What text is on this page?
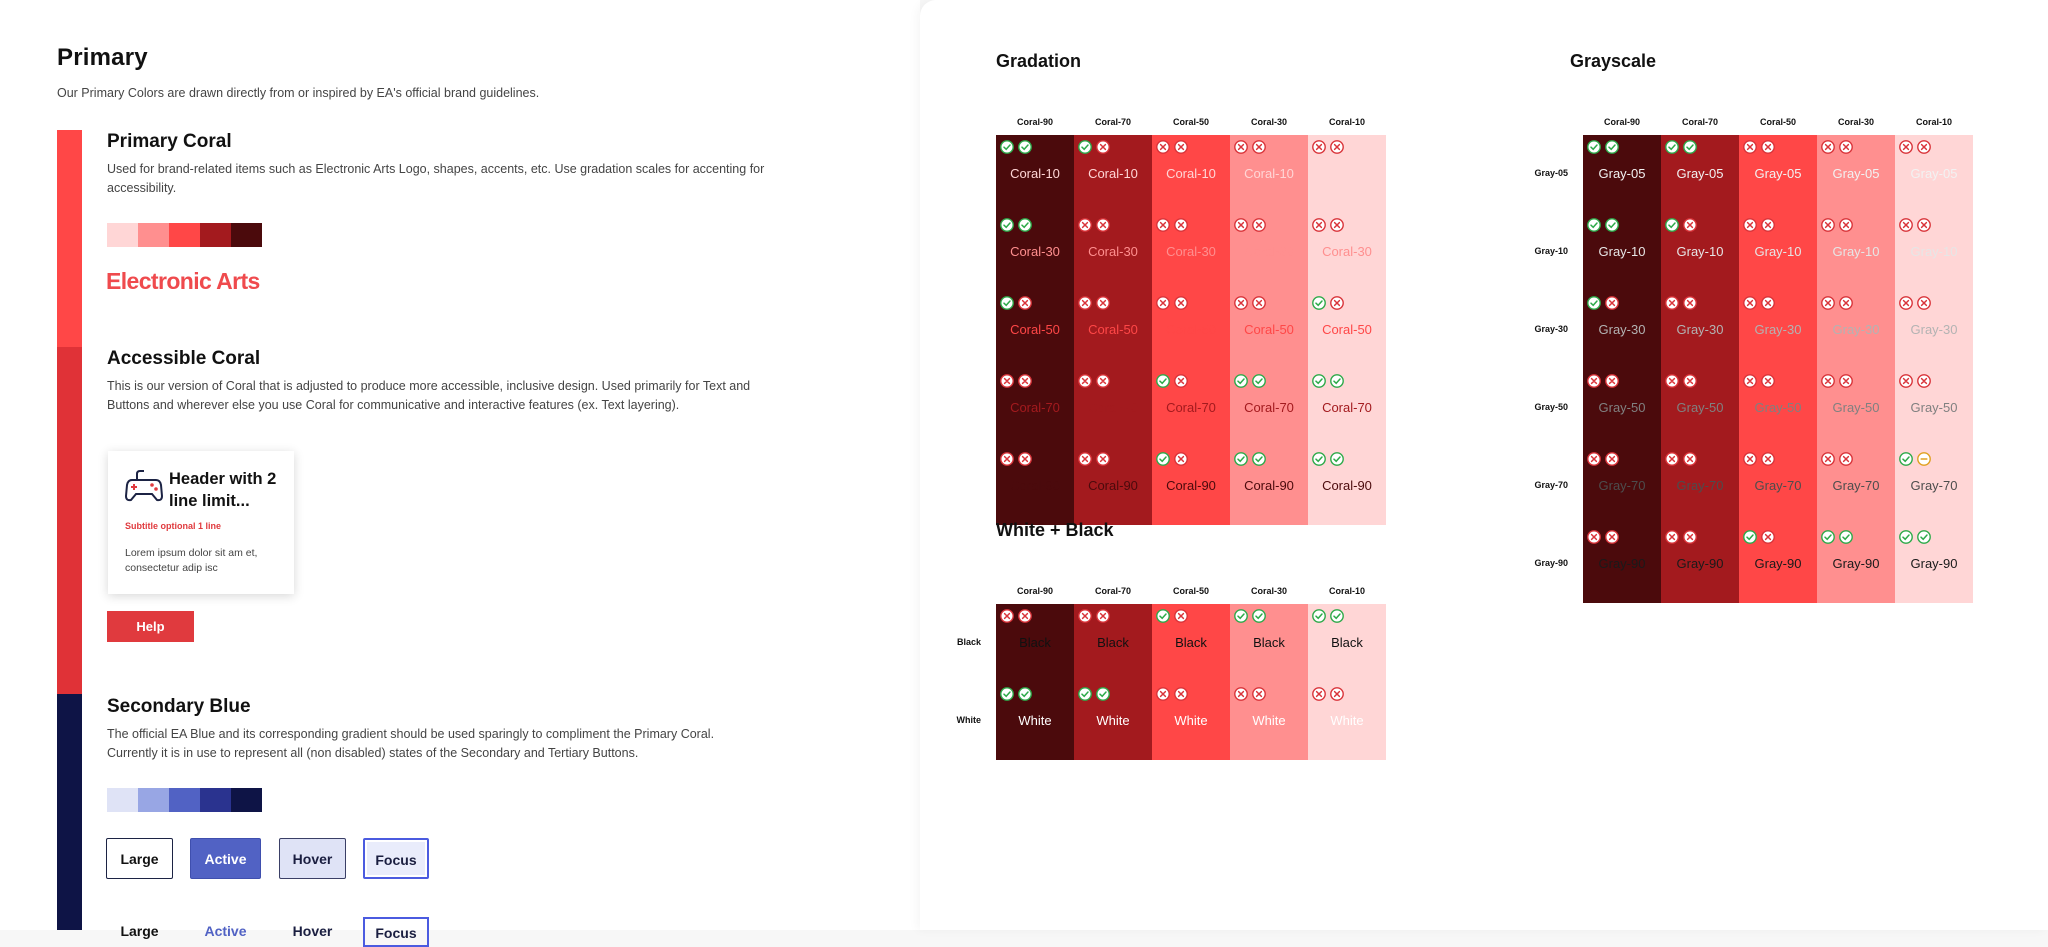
Primary
Our Primary Colors are drawn directly from or inspired by EA's official brand guidelines.
Primary Coral
Used for brand-related items such as Electronic Arts Logo, shapes, accents, etc. Use gradation scales for accenting for accessibility.
Electronic Arts
Accessible Coral
This is our version of Coral that is adjusted to produce more accessible, inclusive design. Used primarily for Text and Buttons and wherever else you use Coral for communicative and interactive features (ex. Text layering).
Header with 2 line limit...
Subtitle optional 1 line
Lorem ipsum dolor sit am et, consectetur adip isc
Help
Secondary Blue
The official EA Blue and its corresponding gradient should be used sparingly to compliment the Primary Coral. Currently it is in use to represent all (non disabled) states of the Secondary and Tertiary Buttons.
Large	Active	Hover	Focus
Large	Active	Hover	Focus
Gradation
Coral-90	Coral-70	Coral-50	Coral-30	Coral-10
Coral-10	Coral-10	Coral-10	Coral-10	Coral-10
Coral-30	Coral-30	Coral-30	Coral-30	Coral-30
Coral-50	Coral-50	Coral-50	Coral-50	Coral-50
Coral-70	Coral-70	Coral-70	Coral-70	Coral-70
Coral-90	Coral-90	Coral-90	Coral-90	Coral-90
White + Black
Coral-90	Coral-70	Coral-50	Coral-30	Coral-10
Black	Black	Black	Black	Black	Black
White	White	White	White	White	White
Grayscale
Coral-90	Coral-70	Coral-50	Coral-30	Coral-10
Gray-05	Gray-05	Gray-05	Gray-05	Gray-05	Gray-05
Gray-10	Gray-10	Gray-10	Gray-10	Gray-10	Gray-10
Gray-30	Gray-30	Gray-30	Gray-30	Gray-30	Gray-30
Gray-50	Gray-50	Gray-50	Gray-50	Gray-50	Gray-50
Gray-70	Gray-70	Gray-70	Gray-70	Gray-70	Gray-70
Gray-90	Gray-90	Gray-90	Gray-90	Gray-90	Gray-90
